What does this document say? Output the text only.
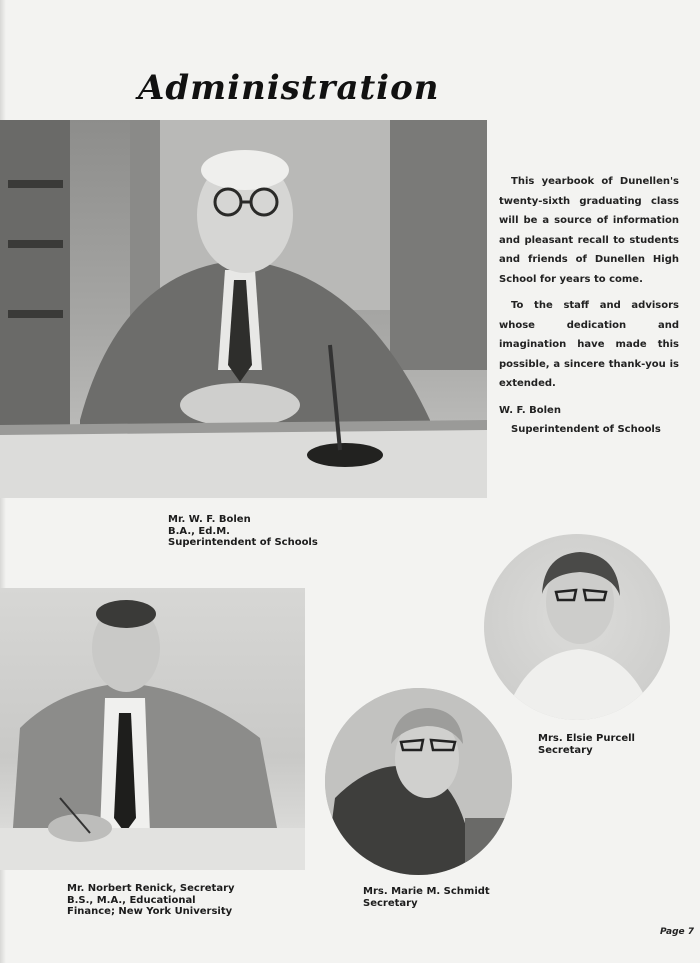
Administration

This yearbook of Dunellen's twenty-sixth graduating class will be a source of information and pleasant recall to students and friends of Dunellen High School for years to come.

To the staff and advisors whose dedication and imagination have made this possible, a sincere thank-you is extended.

W. F. Bolen
Superintendent of Schools
Mr. W. F. Bolen
B.A., Ed.M.
Superintendent of Schools
Mr. Norbert Renick, Secretary
B.S., M.A., Educational
Finance; New York University
Mrs. Elsie Purcell
Secretary
Mrs. Marie M. Schmidt
Secretary
Page 7
